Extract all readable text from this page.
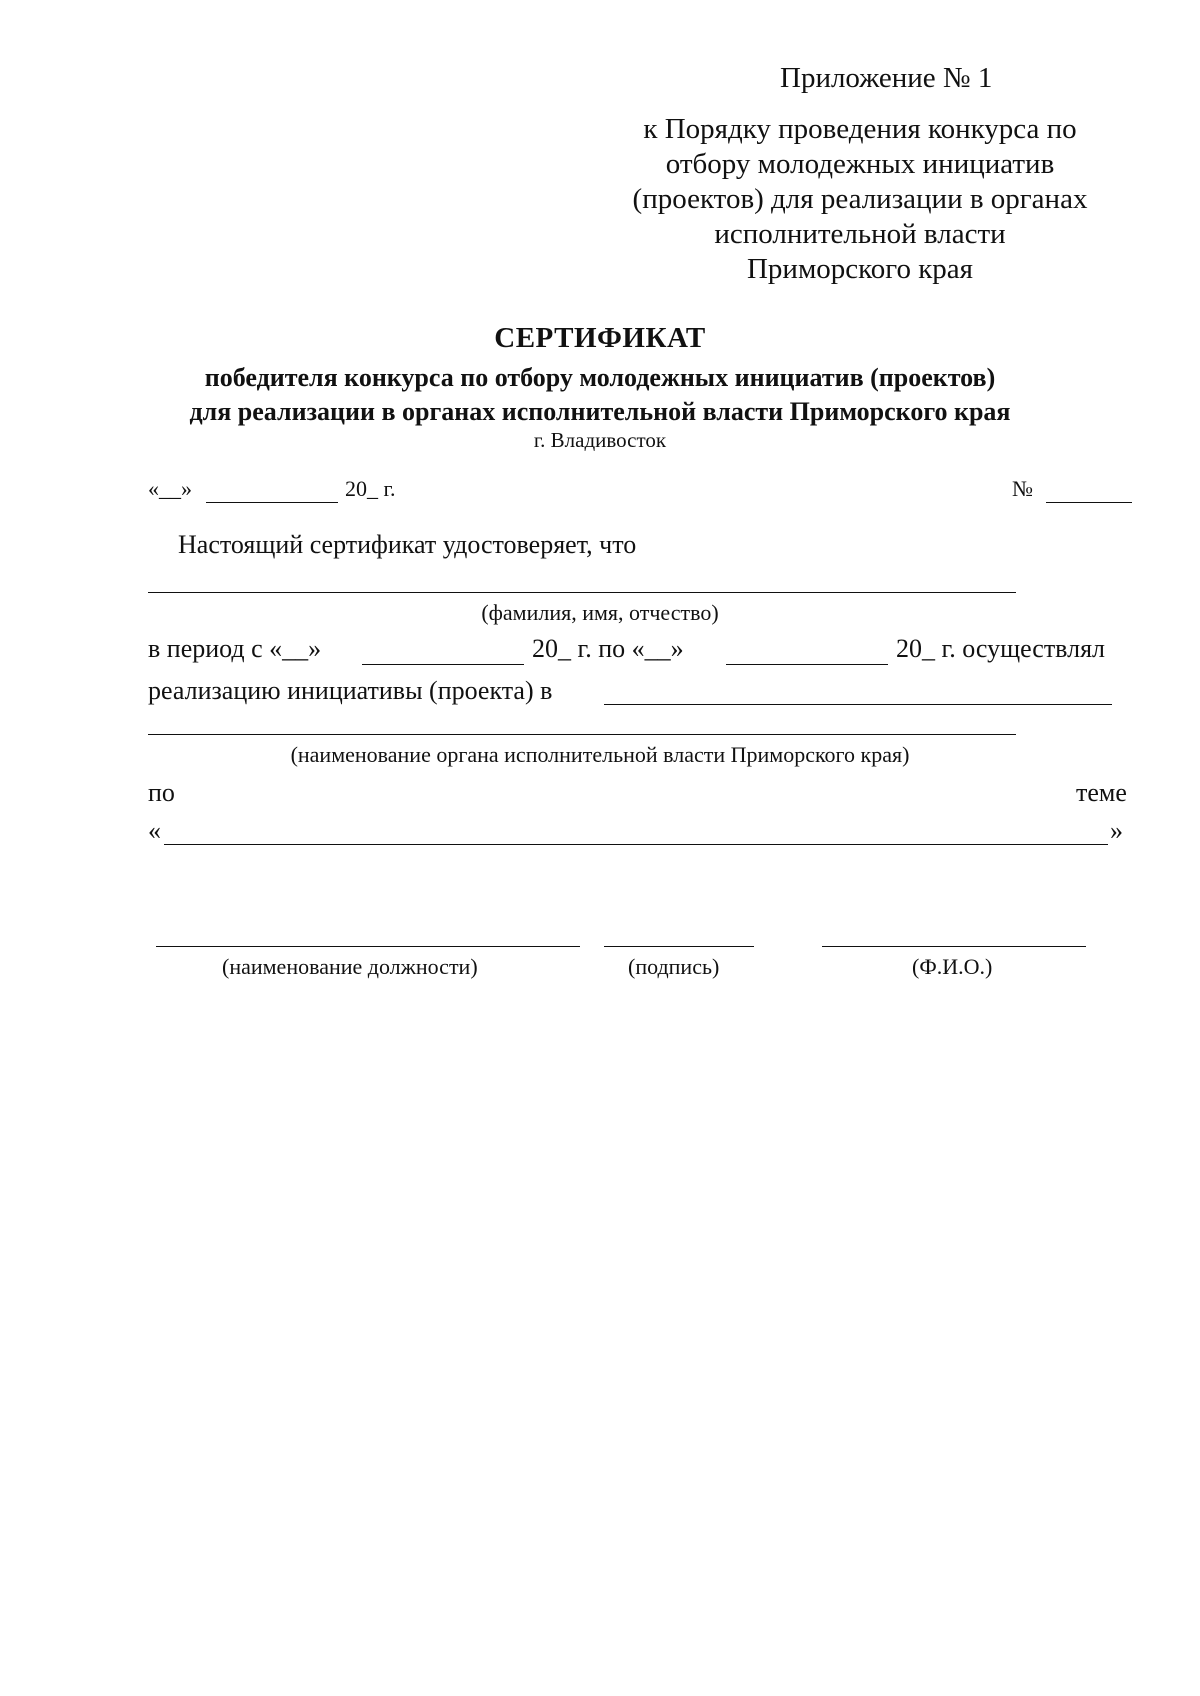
Приложение № 1
к Порядку проведения конкурса по
отбору молодежных инициатив
(проектов) для реализации в органах
исполнительной власти
Приморского края
СЕРТИФИКАТ
победителя конкурса по отбору молодежных инициатив (проектов)
для реализации в органах исполнительной власти Приморского края
г. Владивосток
«__»	20_ г.	№
Настоящий сертификат удостоверяет, что
(фамилия, имя, отчество)
в период с «__»	20_ г. по «__»	20_ г. осуществлял
реализацию инициативы (проекта) в
(наименование органа исполнительной власти Приморского края)
по	теме
«	»
(наименование должности)	(подпись)	(Ф.И.О.)
